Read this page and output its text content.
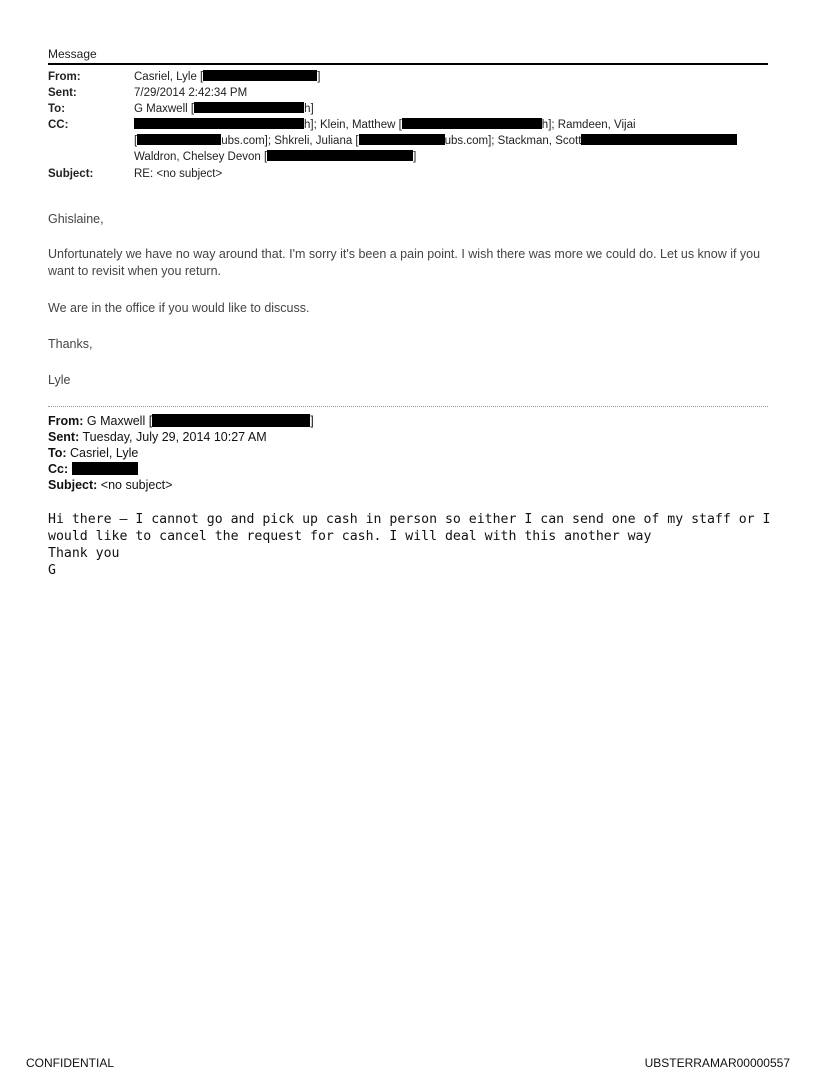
Message
From:	Casriel, Lyle [	]
Sent:	7/29/2014 2:42:34 PM
To:	G Maxwell [	h]
CC:	h]; Klein, Matthew [	h]; Ramdeen, Vijai
[	ubs.com]; Shkreli, Juliana [	ubs.com]; Stackman, Scott
Waldron, Chelsey Devon [	]
Subject:	RE: <no subject>
Ghislaine,
Unfortunately we have no way around that. I'm sorry it's been a pain point. I wish there was more we could do. Let us know if you want to revisit when you return.
We are in the office if you would like to discuss.
Thanks,
Lyle
From: G Maxwell [	]
Sent: Tuesday, July 29, 2014 10:27 AM
To: Casriel, Lyle
Cc:
Subject: <no subject>
Hi there – I cannot go and pick up cash in person so either I can send one of my staff or I would like to cancel the request for cash. I will deal with this another way
Thank you
G
CONFIDENTIAL	UBSTERRAMAR00000557
